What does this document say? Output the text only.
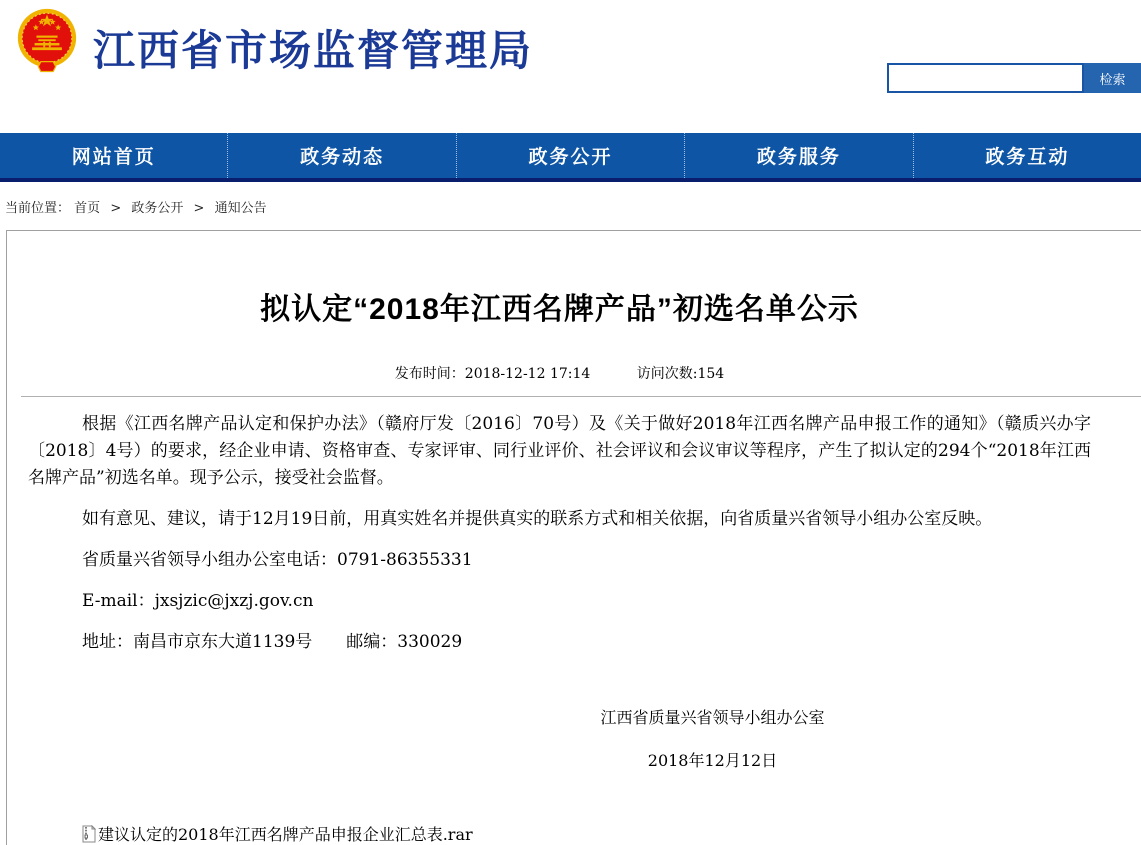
江西省市场监督管理局
检索
网站首页	政务动态	政务公开	政务服务	政务互动
当前位置： 首页 > 政务公开 > 通知公告
拟认定“2018年江西名牌产品”初选名单公示
发布时间：2018-12-12 17:14	访问次数:154

根据《江西名牌产品认定和保护办法》（赣府厅发〔2016〕70号）及《关于做好2018年江西名牌产品申报工作的通知》（赣质兴办字〔2018〕4号）的要求，经企业申请、资格审查、专家评审、同行业评价、社会评议和会议审议等程序，产生了拟认定的294个“2018年江西名牌产品”初选名单。现予公示，接受社会监督。

如有意见、建议，请于12月19日前，用真实姓名并提供真实的联系方式和相关依据，向省质量兴省领导小组办公室反映。

省质量兴省领导小组办公室电话：0791-86355331

E-mail：jxsjzic@jxzj.gov.cn

地址：南昌市京东大道1139号　　 邮编：330029

江西省质量兴省领导小组办公室
2018年12月12日
建议认定的2018年江西名牌产品申报企业汇总表.rar
